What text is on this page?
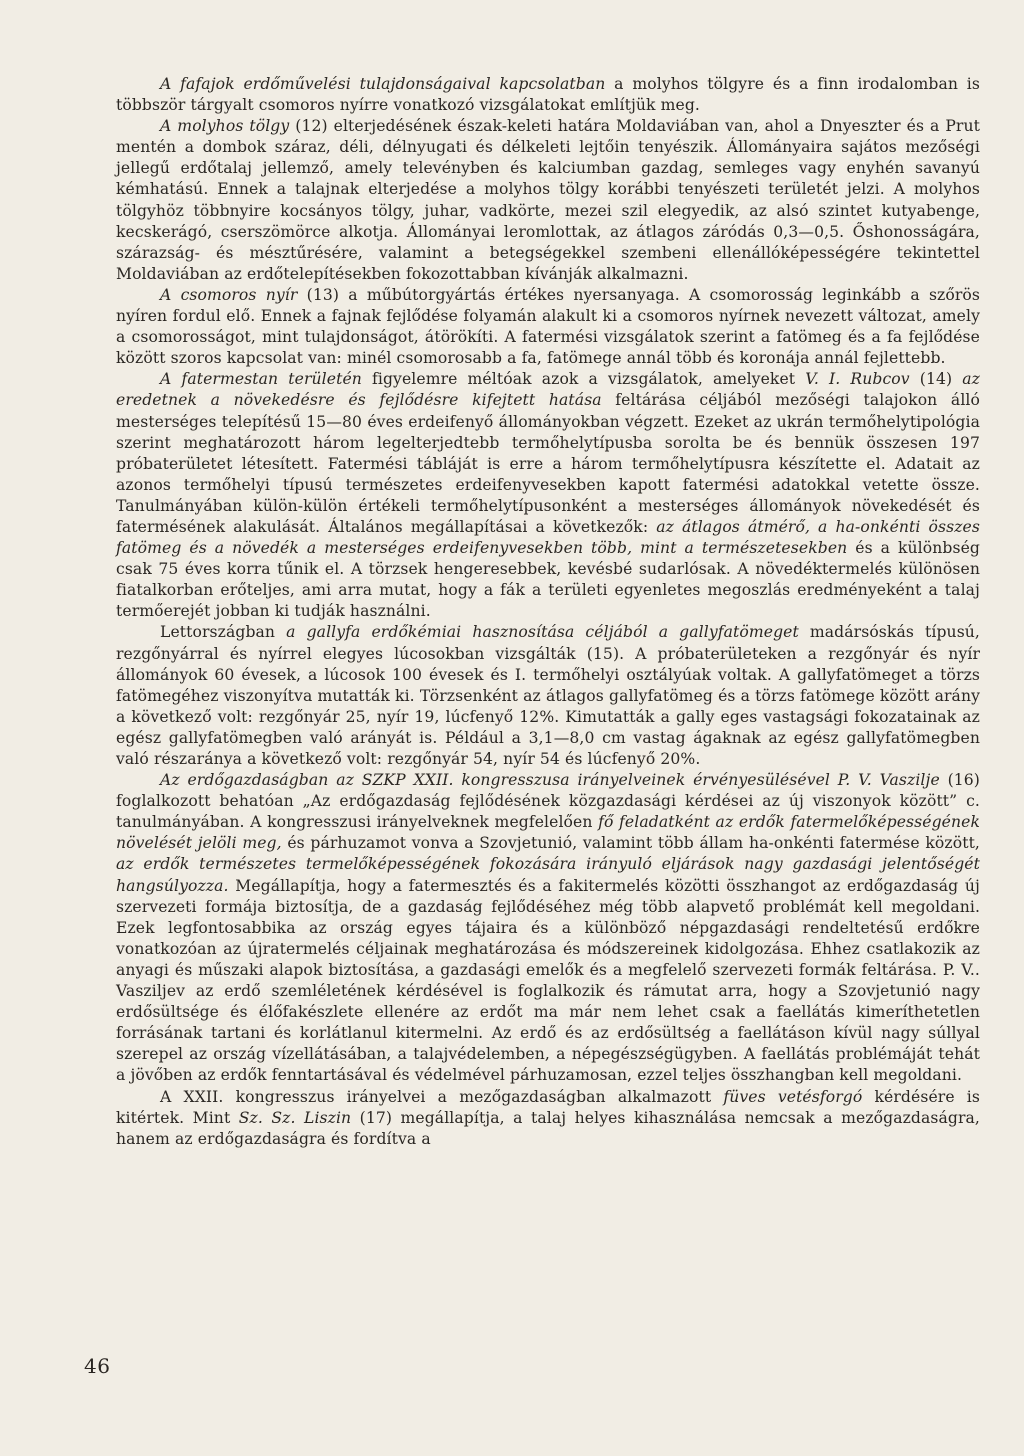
A fafajok erdőművelési tulajdonságaival kapcsolatban a molyhos tölgyre és a finn irodalomban is többször tárgyalt csomoros nyírre vonatkozó vizsgálatokat említjük meg.

A molyhos tölgy (12) elterjedésének észak-keleti határa Moldaviában van, ahol a Dnyeszter és a Prut mentén a dombok száraz, déli, délnyugati és délkeleti lejtőin tenyészik. Állományaira sajátos mezőségi jellegű erdőtalaj jellemző, amely televényben és kalciumban gazdag, semleges vagy enyhén savanyú kémhatású. Ennek a talajnak elterjedése a molyhos tölgy korábbi tenyészeti területét jelzi. A molyhos tölgyhöz többnyire kocsányos tölgy, juhar, vadkörte, mezei szil elegyedik, az alsó szintet kutyabenge, kecskerágó, cserszömörce alkotja. Állományai leromlottak, az átlagos záródás 0,3—0,5. Őshonosságára, szárazság- és mésztűrésére, valamint a betegségekkel szembeni ellenállóképességére tekintettel Moldaviában az erdőtelepítésekben fokozottabban kívánják alkalmazni.

A csomoros nyír (13) a műbútorgyártás értékes nyersanyaga. A csomorosság leginkább a szőrös nyíren fordul elő. Ennek a fajnak fejlődése folyamán alakult ki a csomoros nyírnek nevezett változat, amely a csomorosságot, mint tulajdonságot, átörökíti. A fatermési vizsgálatok szerint a fatömeg és a fa fejlődése között szoros kapcsolat van: minél csomorosabb a fa, fatömege annál több és koronája annál fejlettebb.

A fatermestan területén figyelemre méltóak azok a vizsgálatok, amelyeket V. I. Rubcov (14) az eredetnek a növekedésre és fejlődésre kifejtett hatása feltárása céljából mezőségi talajokon álló mesterséges telepítésű 15—80 éves erdeifenyő állományokban végzett. Ezeket az ukrán termőhelytipológia szerint meghatározott három legelterjedtebb termőhelytípusba sorolta be és bennük összesen 197 próbaterületet létesített. Fatermési tábláját is erre a három termőhelytípusra készítette el. Adatait az azonos termőhelyi típusú természetes erdeifenyvesekben kapott fatermési adatokkal vetette össze. Tanulmányában külön-külön értékeli termőhelytípusonként a mesterséges állományok növekedését és fatermésének alakulását. Általános megállapításai a következők: az átlagos átmérő, a ha-onkénti összes fatömeg és a növedék a mesterséges erdeifenyvesekben több, mint a természetesekben és a különbség csak 75 éves korra tűnik el. A törzsek hengeresebbek, kevésbé sudarlósak. A növedéktermelés különösen fiatalkorban erőteljes, ami arra mutat, hogy a fák a területi egyenletes megoszlás eredményeként a talaj termőerejét jobban ki tudják használni.

Lettországban a gallyfa erdőkémiai hasznosítása céljából a gallyfatömeget madársóskás típusú, rezgőnyárral és nyírrel elegyes lúcosokban vizsgálták (15). A próbaterületeken a rezgőnyár és nyír állományok 60 évesek, a lúcosok 100 évesek és I. termőhelyi osztályúak voltak. A gallyfatömeget a törzs fatömegéhez viszonyítva mutatták ki. Törzsenként az átlagos gallyfatömeg és a törzs fatömege között arány a következő volt: rezgőnyár 25, nyír 19, lúcfenyő 12%. Kimutatták a gally eges vastagsági fokozatainak az egész gallyfatömegben való arányát is. Például a 3,1—8,0 cm vastag ágaknak az egész gallyfatömegben való részaránya a következő volt: rezgőnyár 54, nyír 54 és lúcfenyő 20%.

Az erdőgazdaságban az SZKP XXII. kongresszusa irányelveinek érvényesülésével P. V. Vaszilje (16) foglalkozott behatóan „Az erdőgazdaság fejlődésének közgazdasági kérdései az új viszonyok között” c. tanulmányában. A kongresszusi irányelveknek megfelelően fő feladatként az erdők fatermelőképességének növelését jelöli meg, és párhuzamot vonva a Szovjetunió, valamint több állam ha-onkénti fatermése között, az erdők természetes termelőképességének fokozására irányuló eljárások nagy gazdasági jelentőségét hangsúlyozza. Megállapítja, hogy a fatermesztés és a fakitermelés közötti összhangot az erdőgazdaság új szervezeti formája biztosítja, de a gazdaság fejlődéséhez még több alapvető problémát kell megoldani. Ezek legfontosabbika az ország egyes tájaira és a különböző népgazdasági rendeltetésű erdőkre vonatkozóan az újratermelés céljainak meghatározása és módszereinek kidolgozása. Ehhez csatlakozik az anyagi és műszaki alapok biztosítása, a gazdasági emelők és a megfelelő szervezeti formák feltárása. P. V.. Vasziljev az erdő szemléletének kérdésével is foglalkozik és rámutat arra, hogy a Szovjetunió nagy erdősültsége és élőfakészlete ellenére az erdőt ma már nem lehet csak a faellátás kimeríthetetlen forrásának tartani és korlátlanul kitermelni. Az erdő és az erdősültség a faellátáson kívül nagy súllyal szerepel az ország vízellátásában, a talajvédelemben, a népegészségügyben. A faellátás problémáját tehát a jövőben az erdők fenntartásával és védelmével párhuzamosan, ezzel teljes összhangban kell megoldani.

A XXII. kongresszus irányelvei a mezőgazdaságban alkalmazott füves vetésforgó kérdésére is kitértek. Mint Sz. Sz. Liszin (17) megállapítja, a talaj helyes kihasználása nemcsak a mezőgazdaságra, hanem az erdőgazdaságra és fordítva a

46
